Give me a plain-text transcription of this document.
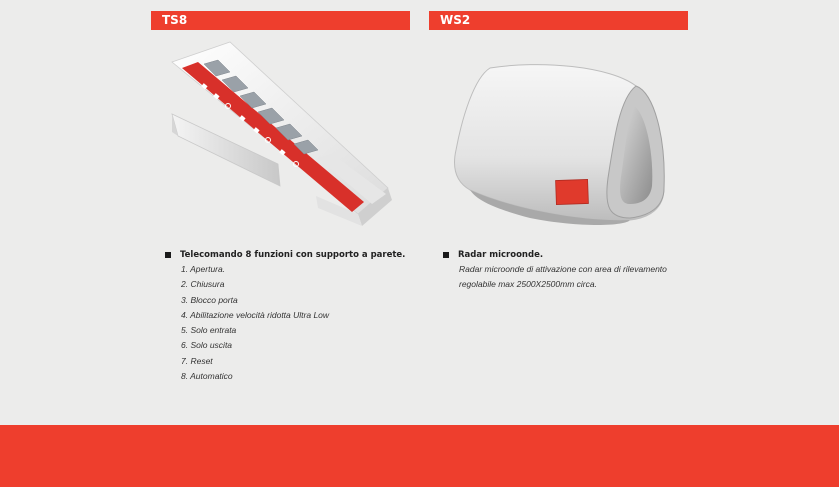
TS8	WS2
Telecomando 8 funzioni con supporto a parete.
1. Apertura.
2. Chiusura
3. Blocco porta
4. Abilitazione velocità ridotta Ultra Low
5. Solo entrata
6. Solo uscita
7. Reset
8. Automatico
Radar microonde.
Radar microonde di attivazione con area di rilevamento
regolabile max 2500X2500mm circa.
